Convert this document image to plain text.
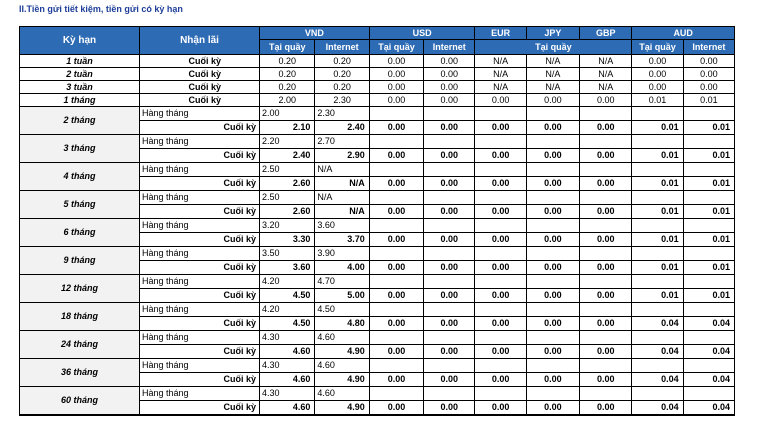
II.Tiền gửi tiết kiệm, tiền gửi có kỳ hạn
Kỳ hạn	Nhận lãi	VND		USD		EUR	JPY	GBP	AUD	
		Tại quầy	Internet	Tại quầy	Internet	Tại quầy			Tại quầy	Internet
1 tuần	Cuối kỳ	0.20	0.20	0.00	0.00	N/A	N/A	N/A	0.00	0.00
2 tuần	Cuối kỳ	0.20	0.20	0.00	0.00	N/A	N/A	N/A	0.00	0.00
3 tuần	Cuối kỳ	0.20	0.20	0.00	0.00	N/A	N/A	N/A	0.00	0.00
1 tháng	Cuối kỳ	2.00	2.30	0.00	0.00	0.00	0.00	0.00	0.01	0.01
2 tháng	Hàng tháng	2.00	2.30							
	Cuối kỳ	2.10	2.40	0.00	0.00	0.00	0.00	0.00	0.01	0.01
3 tháng	Hàng tháng	2.20	2.70							
	Cuối kỳ	2.40	2.90	0.00	0.00	0.00	0.00	0.00	0.01	0.01
4 tháng	Hàng tháng	2.50	N/A							
	Cuối kỳ	2.60	N/A	0.00	0.00	0.00	0.00	0.00	0.01	0.01
5 tháng	Hàng tháng	2.50	N/A							
	Cuối kỳ	2.60	N/A	0.00	0.00	0.00	0.00	0.00	0.01	0.01
6 tháng	Hàng tháng	3.20	3.60							
	Cuối kỳ	3.30	3.70	0.00	0.00	0.00	0.00	0.00	0.01	0.01
9 tháng	Hàng tháng	3.50	3.90							
	Cuối kỳ	3.60	4.00	0.00	0.00	0.00	0.00	0.00	0.01	0.01
12 tháng	Hàng tháng	4.20	4.70							
	Cuối kỳ	4.50	5.00	0.00	0.00	0.00	0.00	0.00	0.01	0.01
18 tháng	Hàng tháng	4.20	4.50							
	Cuối kỳ	4.50	4.80	0.00	0.00	0.00	0.00	0.00	0.04	0.04
24 tháng	Hàng tháng	4.30	4.60							
	Cuối kỳ	4.60	4.90	0.00	0.00	0.00	0.00	0.00	0.04	0.04
36 tháng	Hàng tháng	4.30	4.60							
	Cuối kỳ	4.60	4.90	0.00	0.00	0.00	0.00	0.00	0.04	0.04
60 tháng	Hàng tháng	4.30	4.60							
	Cuối kỳ	4.60	4.90	0.00	0.00	0.00	0.00	0.00	0.04	0.04
